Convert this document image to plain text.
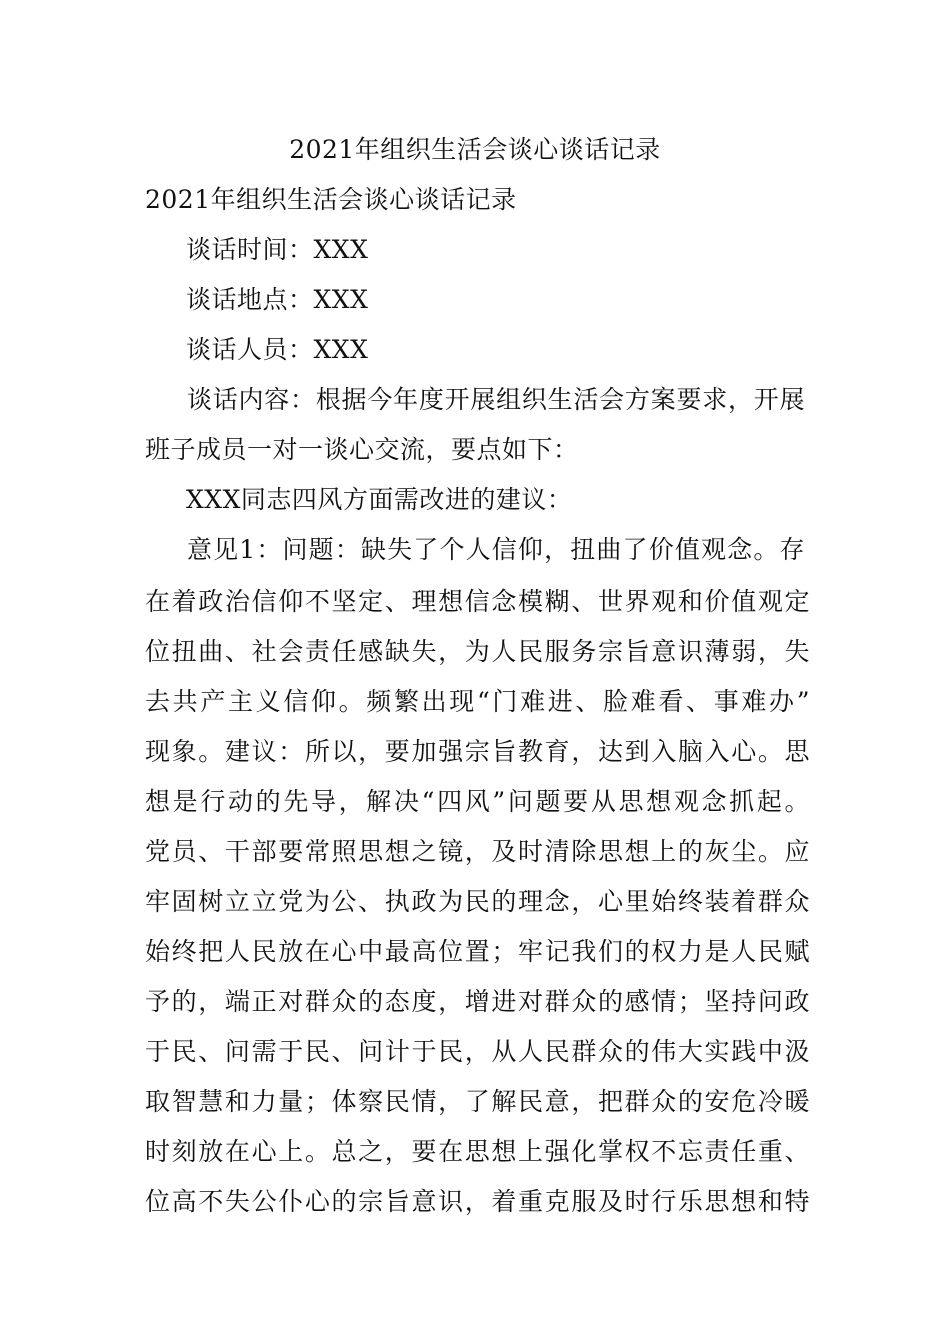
2021年组织生活会谈心谈话记录
2021年组织生活会谈心谈话记录
谈话时间：XXX
谈话地点：XXX
谈话人员：XXX
谈话内容：根据今年度开展组织生活会方案要求，开展
班子成员一对一谈心交流，要点如下：
XXX同志四风方面需改进的建议：
意见1：问题：缺失了个人信仰，扭曲了价值观念。存
在着政治信仰不坚定、理想信念模糊、世界观和价值观定
位扭曲、社会责任感缺失，为人民服务宗旨意识薄弱，失
去共产主义信仰。频繁出现“门难进、脸难看、事难办”
现象。建议：所以，要加强宗旨教育，达到入脑入心。思
想是行动的先导，解决“四风”问题要从思想观念抓起。
党员、干部要常照思想之镜，及时清除思想上的灰尘。应
牢固树立立党为公、执政为民的理念，心里始终装着群众
始终把人民放在心中最高位置；牢记我们的权力是人民赋
予的，端正对群众的态度，增进对群众的感情；坚持问政
于民、问需于民、问计于民，从人民群众的伟大实践中汲
取智慧和力量；体察民情，了解民意，把群众的安危冷暖
时刻放在心上。总之，要在思想上强化掌权不忘责任重、
位高不失公仆心的宗旨意识，着重克服及时行乐思想和特
